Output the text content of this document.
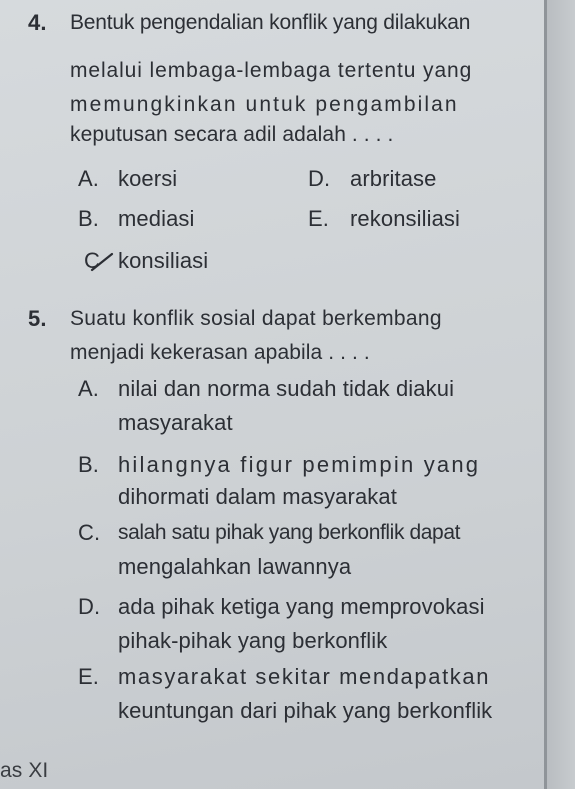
4. Bentuk pengendalian konflik yang dilakukan
melalui lembaga-lembaga tertentu yang
memungkinkan untuk pengambilan
keputusan secara adil adalah . . . .
A. koersi	D. arbritase
B. mediasi	E. rekonsiliasi
C konsiliasi
5. Suatu konflik sosial dapat berkembang
menjadi kekerasan apabila . . . .
A. nilai dan norma sudah tidak diakui
masyarakat
B. hilangnya figur pemimpin yang
dihormati dalam masyarakat
C. salah satu pihak yang berkonflik dapat
mengalahkan lawannya
D. ada pihak ketiga yang memprovokasi
pihak-pihak yang berkonflik
E. masyarakat sekitar mendapatkan
keuntungan dari pihak yang berkonflik
as XI
